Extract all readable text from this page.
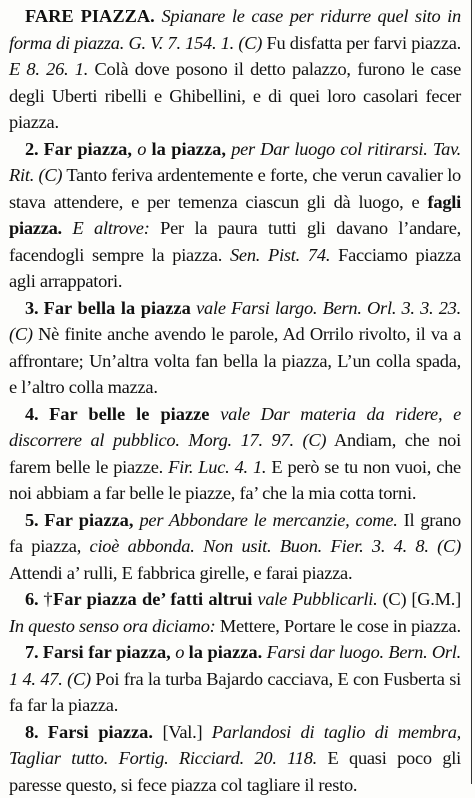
FARE PIAZZA. Spianare le case per ridurre quel sito in forma di piazza. G. V. 7. 154. 1. (C) Fu disfatta per farvi piazza. E 8. 26. 1. Colà dove posono il detto palazzo, furono le case degli Uberti ribelli e Ghibellini, e di quei loro casolari fecer piazza.

2. Far piazza, o la piazza, per Dar luogo col ritirarsi. Tav. Rit. (C) Tanto feriva ardentemente e forte, che verun cavalier lo stava attendere, e per temenza ciascun gli dà luogo, e fagli piazza. E altrove: Per la paura tutti gli davano l’andare, facendogli sempre la piazza. Sen. Pist. 74. Facciamo piazza agli arrappatori.

3. Far bella la piazza vale Farsi largo. Bern. Orl. 3. 3. 23. (C) Nè finite anche avendo le parole, Ad Orrilo rivolto, il va a affrontare; Un’altra volta fan bella la piazza, L’un colla spada, e l’altro colla mazza.

4. Far belle le piazze vale Dar materia da ridere, e discorrere al pubblico. Morg. 17. 97. (C) Andiam, che noi farem belle le piazze. Fir. Luc. 4. 1. E però se tu non vuoi, che noi abbiam a far belle le piazze, fa’ che la mia cotta torni.

5. Far piazza, per Abbondare le mercanzie, come. Il grano fa piazza, cioè abbonda. Non usit. Buon. Fier. 3. 4. 8. (C) Attendi a’ rulli, E fabbrica girelle, e farai piazza.

6. †Far piazza de’ fatti altrui vale Pubblicarli. (C) [G.M.] In questo senso ora diciamo: Mettere, Portare le cose in piazza.

7. Farsi far piazza, o la piazza. Farsi dar luogo. Bern. Orl. 1 4. 47. (C) Poi fra la turba Bajardo cacciava, E con Fusberta si fa far la piazza.

8. Farsi piazza. [Val.] Parlandosi di taglio di membra, Tagliar tutto. Fortig. Ricciard. 20. 118. E quasi poco gli paresse questo, si fece piazza col tagliare il resto.
